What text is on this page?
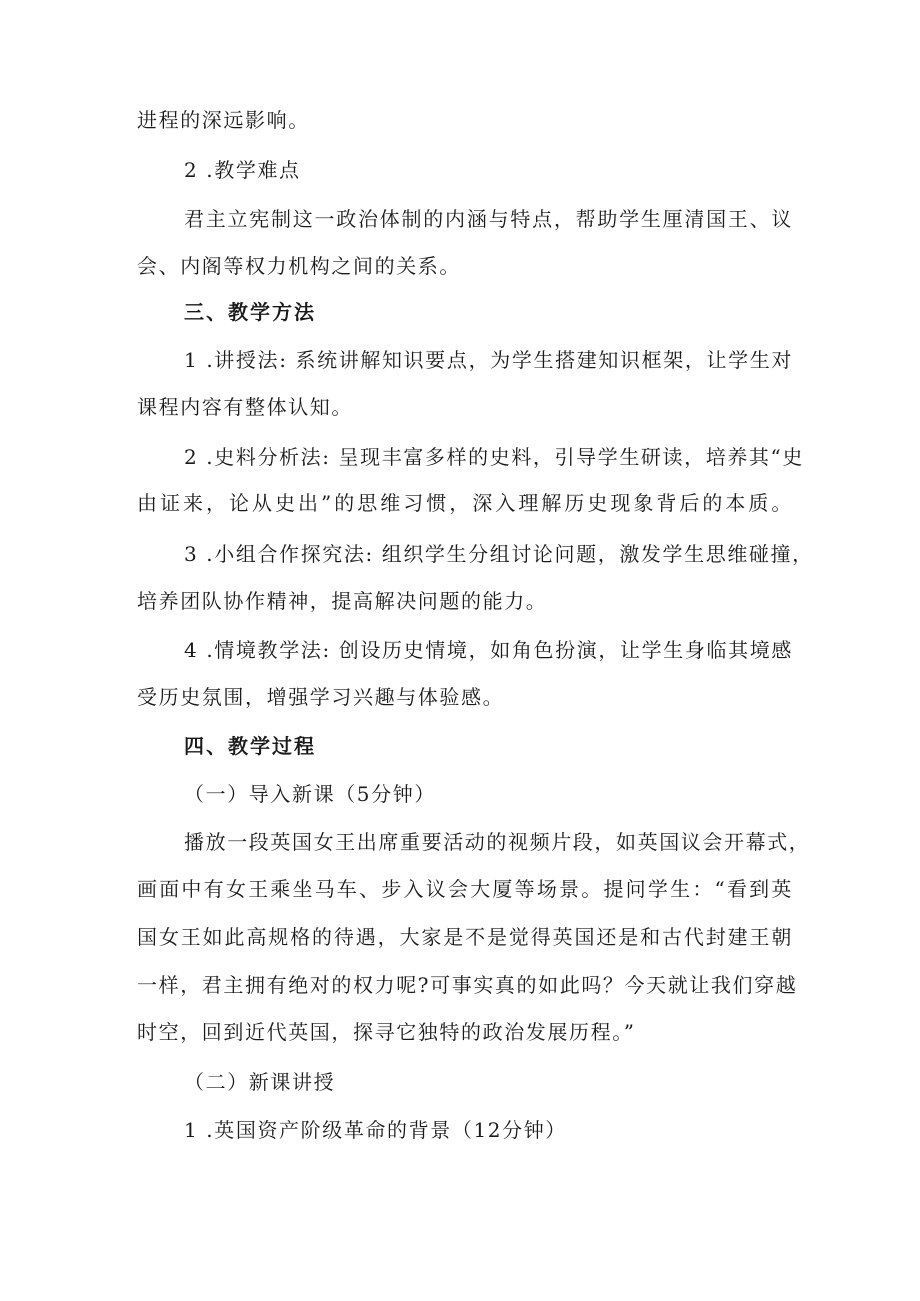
进程的深远影响。
2 .教学难点
君主立宪制这一政治体制的内涵与特点，帮助学生厘清国王、议
会、内阁等权力机构之间的关系。
三、教学方法
1 .讲授法: 系统讲解知识要点，为学生搭建知识框架，让学生对
课程内容有整体认知。
2 .史料分析法: 呈现丰富多样的史料，引导学生研读，培养其“史
由证来，论从史出”的思维习惯，深入理解历史现象背后的本质。
3 .小组合作探究法: 组织学生分组讨论问题，激发学生思维碰撞，
培养团队协作精神，提高解决问题的能力。
4 .情境教学法: 创设历史情境，如角色扮演，让学生身临其境感
受历史氛围，增强学习兴趣与体验感。
四、教学过程
（一）导入新课（5分钟）
播放一段英国女王出席重要活动的视频片段，如英国议会开幕式，
画面中有女王乘坐马车、步入议会大厦等场景。提问学生：“看到英
国女王如此高规格的待遇，大家是不是觉得英国还是和古代封建王朝
一样，君主拥有绝对的权力呢?可事实真的如此吗？今天就让我们穿越
时空，回到近代英国，探寻它独特的政治发展历程。”
（二）新课讲授
1 .英国资产阶级革命的背景（12分钟）
